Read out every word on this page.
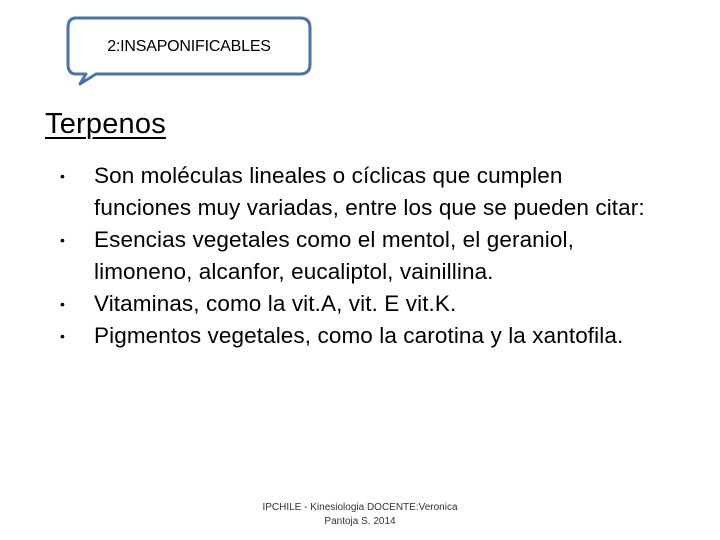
2:INSAPONIFICABLES
Terpenos
• Son moléculas lineales o cíclicas que cumplen funciones muy variadas, entre los que se pueden citar:
• Esencias vegetales como el mentol, el geraniol, limoneno, alcanfor, eucaliptol, vainillina.
• Vitaminas, como la vit.A, vit. E vit.K.
• Pigmentos vegetales, como la carotina y la xantofila.
IPCHILE - Kinesiologia DOCENTE:Veronica
Pantoja S. 2014
